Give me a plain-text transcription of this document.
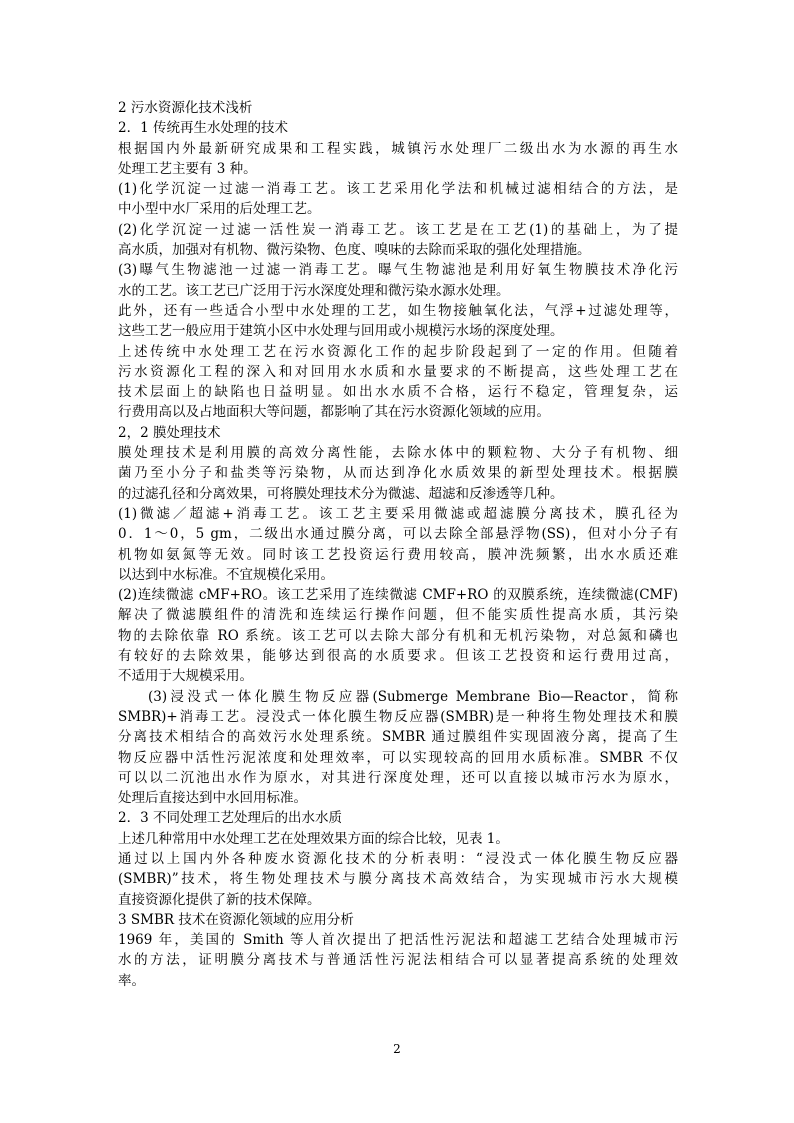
2 污水资源化技术浅析
2．1 传统再生水处理的技术
根据国内外最新研究成果和工程实践，城镇污水处理厂二级出水为水源的再生水
处理工艺主要有 3 种。
(1)化学沉淀一过滤一消毒工艺。该工艺采用化学法和机械过滤相结合的方法，是
中小型中水厂采用的后处理工艺。
(2)化学沉淀一过滤一活性炭一消毒工艺。该工艺是在工艺(1)的基础上，为了提
高水质，加强对有机物、微污染物、色度、嗅味的去除而采取的强化处理措施。
(3)曝气生物滤池一过滤一消毒工艺。曝气生物滤池是利用好氧生物膜技术净化污
水的工艺。该工艺已广泛用于污水深度处理和微污染水源水处理。
此外，还有一些适合小型中水处理的工艺，如生物接触氧化法，气浮+过滤处理等，
这些工艺一般应用于建筑小区中水处理与回用或小规模污水场的深度处理。
上述传统中水处理工艺在污水资源化工作的起步阶段起到了一定的作用。但随着
污水资源化工程的深入和对回用水水质和水量要求的不断提高，这些处理工艺在
技术层面上的缺陷也日益明显。如出水水质不合格，运行不稳定，管理复杂，运
行费用高以及占地面积大等问题，都影响了其在污水资源化领域的应用。
2，2 膜处理技术
膜处理技术是利用膜的高效分离性能，去除水体中的颗粒物、大分子有机物、细
菌乃至小分子和盐类等污染物，从而达到净化水质效果的新型处理技术。根据膜
的过滤孔径和分离效果，可将膜处理技术分为微滤、超滤和反渗透等几种。
(1)微滤／超滤+消毒工艺。该工艺主要采用微滤或超滤膜分离技术，膜孔径为
0．1～0，5 gm，二级出水通过膜分离，可以去除全部悬浮物(SS)，但对小分子有
机物如氨氮等无效。同时该工艺投资运行费用较高，膜冲洗频繁，出水水质还难
以达到中水标准。不宜规模化采用。
(2)连续微滤 cMF+RO。该工艺采用了连续微滤 CMF+RO 的双膜系统，连续微滤(CMF)
解决了微滤膜组件的清洗和连续运行操作问题，但不能实质性提高水质，其污染
物的去除依靠 RO 系统。该工艺可以去除大部分有机和无机污染物，对总氮和磷也
有较好的去除效果，能够达到很高的水质要求。但该工艺投资和运行费用过高，
不适用于大规模采用。
(3)浸没式一体化膜生物反应器(Submerge Membrane Bio—Reactor，简称
SMBR)+消毒工艺。浸没式一体化膜生物反应器(SMBR)是一种将生物处理技术和膜
分离技术相结合的高效污水处理系统。SMBR 通过膜组件实现固液分离，提高了生
物反应器中活性污泥浓度和处理效率，可以实现较高的回用水质标准。SMBR 不仅
可以以二沉池出水作为原水，对其进行深度处理，还可以直接以城市污水为原水，
处理后直接达到中水回用标准。
2．3 不同处理工艺处理后的出水水质
上述几种常用中水处理工艺在处理效果方面的综合比较，见表 1。
通过以上国内外各种废水资源化技术的分析表明：“浸没式一体化膜生物反应器
(SMBR)”技术，将生物处理技术与膜分离技术高效结合，为实现城市污水大规模
直接资源化提供了新的技术保障。
3 SMBR 技术在资源化领域的应用分析
1969 年，美国的 Smith 等人首次提出了把活性污泥法和超滤工艺结合处理城市污
水的方法，证明膜分离技术与普通活性污泥法相结合可以显著提高系统的处理效
率。
2
